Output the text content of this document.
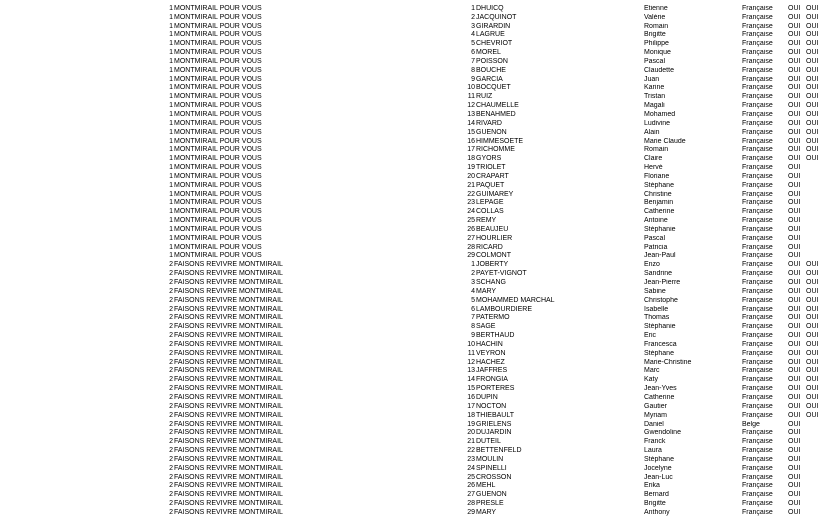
1 MONTMIRAIL POUR VOUS	1 DHUICQ	Etienne	Française	OUI OUI
1 MONTMIRAIL POUR VOUS	2 JACQUINOT	Valérie	Française	OUI OUI
1 MONTMIRAIL POUR VOUS	3 GIRARDIN	Romain	Française	OUI OUI
1 MONTMIRAIL POUR VOUS	4 LAGRUE	Brigitte	Française	OUI OUI
1 MONTMIRAIL POUR VOUS	5 CHEVRIOT	Philippe	Française	OUI OUI
1 MONTMIRAIL POUR VOUS	6 MOREL	Monique	Française	OUI OUI
1 MONTMIRAIL POUR VOUS	7 POISSON	Pascal	Française	OUI OUI
1 MONTMIRAIL POUR VOUS	8 BOUCHÉ	Claudette	Française	OUI OUI
1 MONTMIRAIL POUR VOUS	9 GARCIA	Juan	Française	OUI OUI
1 MONTMIRAIL POUR VOUS	10 BOCQUET	Karine	Française	OUI OUI
1 MONTMIRAIL POUR VOUS	11 RUIZ	Tristan	Française	OUI OUI
1 MONTMIRAIL POUR VOUS	12 CHAUMELLE	Magali	Française	OUI OUI
1 MONTMIRAIL POUR VOUS	13 BENAHMED	Mohamed	Française	OUI OUI
1 MONTMIRAIL POUR VOUS	14 RIVARD	Ludivine	Française	OUI OUI
1 MONTMIRAIL POUR VOUS	15 GUÉNON	Alain	Française	OUI OUI
1 MONTMIRAIL POUR VOUS	16 HIMMESOETE	Marie Claude	Française	OUI OUI
1 MONTMIRAIL POUR VOUS	17 RICHOMME	Romain	Française	OUI OUI
1 MONTMIRAIL POUR VOUS	18 GYORS	Claire	Française	OUI OUI
1 MONTMIRAIL POUR VOUS	19 TRIOLET	Hervé	Française	OUI
1 MONTMIRAIL POUR VOUS	20 CRAPART	Floriane	Française	OUI
1 MONTMIRAIL POUR VOUS	21 PAQUET	Stéphane	Française	OUI
1 MONTMIRAIL POUR VOUS	22 GUIMAREY	Christine	Française	OUI
1 MONTMIRAIL POUR VOUS	23 LEPAGE	Benjamin	Française	OUI
1 MONTMIRAIL POUR VOUS	24 COLLAS	Catherine	Française	OUI
1 MONTMIRAIL POUR VOUS	25 REMY	Antoine	Française	OUI
1 MONTMIRAIL POUR VOUS	26 BEAUJEU	Stéphanie	Française	OUI
1 MONTMIRAIL POUR VOUS	27 HOURLIER	Pascal	Française	OUI
1 MONTMIRAIL POUR VOUS	28 RICARD	Patricia	Française	OUI
1 MONTMIRAIL POUR VOUS	29 COLMONT	Jean-Paul	Française	OUI
2 FAISONS REVIVRE MONTMIRAIL	1 JOBERTY	Enzo	Française	OUI OUI
2 FAISONS REVIVRE MONTMIRAIL	2 PAYET-VIGNOT	Sandrine	Française	OUI OUI
2 FAISONS REVIVRE MONTMIRAIL	3 SCHANG	Jean-Pierre	Française	OUI OUI
2 FAISONS REVIVRE MONTMIRAIL	4 MARY	Sabine	Française	OUI OUI
2 FAISONS REVIVRE MONTMIRAIL	5 MOHAMMED MARCHAL	Christophe	Française	OUI OUI
2 FAISONS REVIVRE MONTMIRAIL	6 LAMBOURDIERE	Isabelle	Française	OUI OUI
2 FAISONS REVIVRE MONTMIRAIL	7 PATERMO	Thomas	Française	OUI OUI
2 FAISONS REVIVRE MONTMIRAIL	8 SAGE	Stéphanie	Française	OUI OUI
2 FAISONS REVIVRE MONTMIRAIL	9 BERTHAUD	Eric	Française	OUI OUI
2 FAISONS REVIVRE MONTMIRAIL	10 HACHIN	Francesca	Française	OUI OUI
2 FAISONS REVIVRE MONTMIRAIL	11 VEYRON	Stéphane	Française	OUI OUI
2 FAISONS REVIVRE MONTMIRAIL	12 HACHEZ	Marie-Christine	Française	OUI OUI
2 FAISONS REVIVRE MONTMIRAIL	13 JAFFRES	Marc	Française	OUI OUI
2 FAISONS REVIVRE MONTMIRAIL	14 FRONGIA	Katy	Française	OUI OUI
2 FAISONS REVIVRE MONTMIRAIL	15 PORTERES	Jean-Yves	Française	OUI OUI
2 FAISONS REVIVRE MONTMIRAIL	16 DUPIN	Catherine	Française	OUI OUI
2 FAISONS REVIVRE MONTMIRAIL	17 NOCTON	Gautier	Française	OUI OUI
2 FAISONS REVIVRE MONTMIRAIL	18 THIEBAULT	Myriam	Française	OUI OUI
2 FAISONS REVIVRE MONTMIRAIL	19 GRIELENS	Daniel	Belge	OUI
2 FAISONS REVIVRE MONTMIRAIL	20 DUJARDIN	Gwendoline	Française	OUI
2 FAISONS REVIVRE MONTMIRAIL	21 DUTEIL	Franck	Française	OUI
2 FAISONS REVIVRE MONTMIRAIL	22 BETTENFELD	Laura	Française	OUI
2 FAISONS REVIVRE MONTMIRAIL	23 MOULIN	Stéphane	Française	OUI
2 FAISONS REVIVRE MONTMIRAIL	24 SPINELLI	Jocelyne	Française	OUI
2 FAISONS REVIVRE MONTMIRAIL	25 CROSSON	Jean-Luc	Française	OUI
2 FAISONS REVIVRE MONTMIRAIL	26 MEHL	Erika	Française	OUI
2 FAISONS REVIVRE MONTMIRAIL	27 GUENON	Bernard	Française	OUI
2 FAISONS REVIVRE MONTMIRAIL	28 PRESLE	Brigitte	Française	OUI
2 FAISONS REVIVRE MONTMIRAIL	29 MARY	Anthony	Française	OUI
